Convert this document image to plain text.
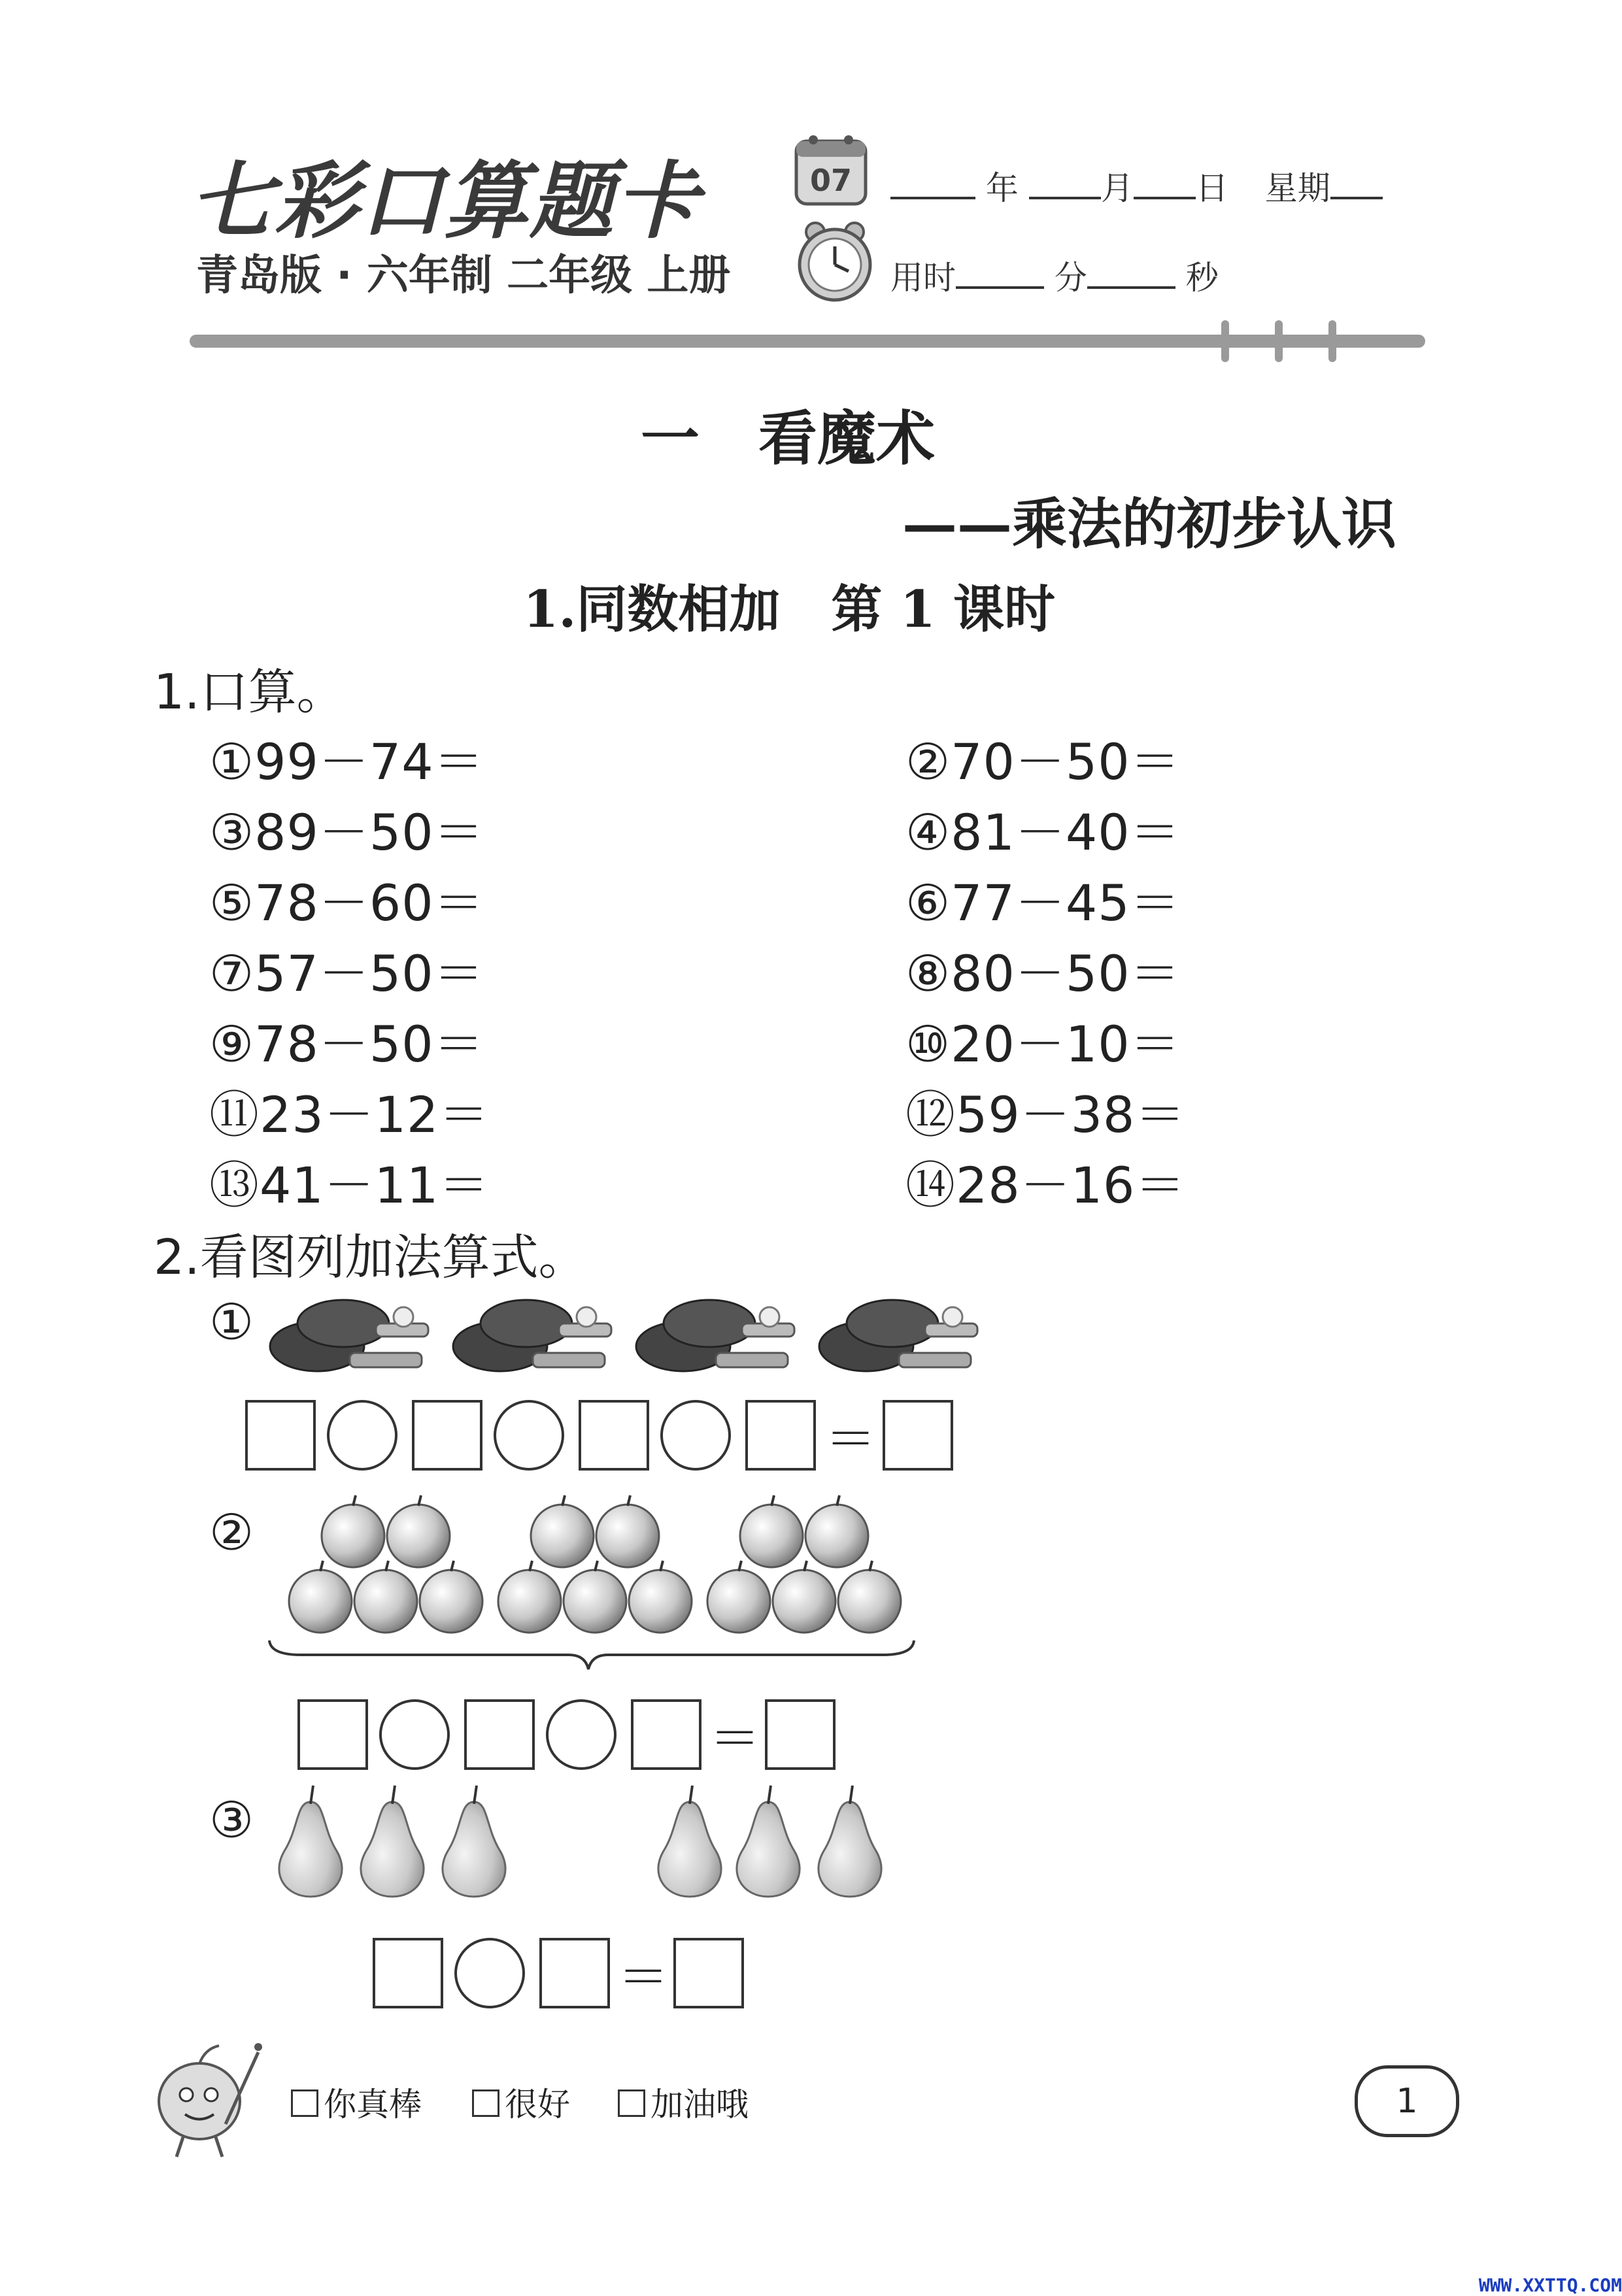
七彩口算题卡
青岛版 · 六年制 二年级 上册
07	年	月 日 星期
用时	分	秒
一　看魔术
——乘法的初步认识
1.同数相加　第 1 课时
1.口算。
①99－74＝	②70－50＝
③89－50＝	④81－40＝
⑤78－60＝	⑥77－45＝
⑦57－50＝	⑧80－50＝
⑨78－50＝	⑩20－10＝
⑪23－12＝	⑫59－38＝
⑬41－11＝	⑭28－16＝
2.看图列加法算式。
①
＝
②
＝
③
＝
你真棒	很好	加油哦	1
WWW.XXTTQ.COM
